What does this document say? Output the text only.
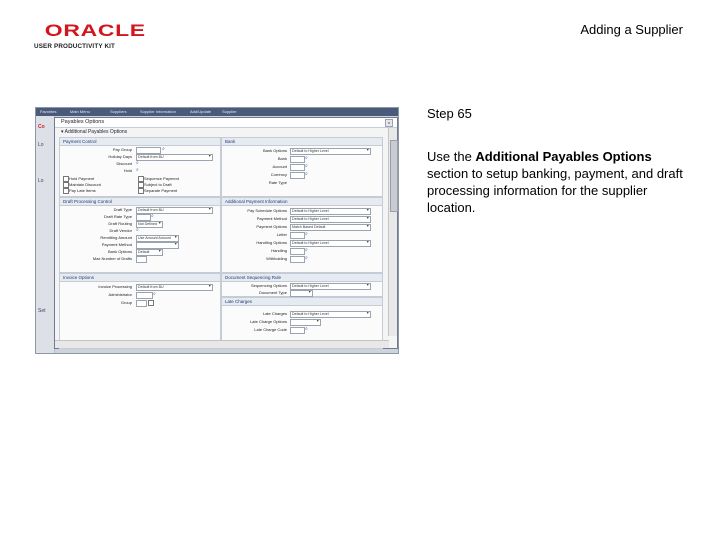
ORACLE
USER PRODUCTIVITY KIT
Adding a Supplier
Step 65
Use the Additional Payables Options section to setup banking, payment, and draft processing information for the supplier location.
Favorites	Main Menu	Suppliers	Supplier Information	Add/Update	Supplier
Co
Lo
Lo
Set
Payables Options	x
▾ Additional Payables Options
Payment Control
Pay Group	⌕
Holiday Days	Default from BU ▾
Discount ⌕
Hold ⌕
Hold Payment	Sequence Payment
Maintain Discount	Subject to Draft
Pay Late Items	Separate Payment
Bank
Bank Options	Default to Higher Level ▾
Bank	⌕
Account	⌕
Currency	⌕
Rate Type
Draft Processing Control
Draft Type	Default from BU ▾
Draft Rate Type	⌕
Draft Routing	Not Defined ▾
Draft Vendor ⌕
Remitting Amount	Use Amount Amount ▾
Payment Method
▾
Bank Options	Default ▾
Max Number of Drafts
Additional Payment Information
Pay Schedule Options	Default to Higher Level ▾
Payment Method	Default to Higher Level ▾
Payment Options	Match Based Default ▾
Letter	⌕
Handling Options	Default to Higher Level ▾
Handling	⌕
Withholding	⌕
Invoice Options
Invoice Processing	Default from BU ▾
Administrator	⌕
Group
Document Sequencing Rule
Sequencing Options	Default to Higher Level ▾
Document Type
▾
Late Charges
Late Charges	Default to Higher Level ▾
Late Charge Options
▾
Late Charge Code	⌕
